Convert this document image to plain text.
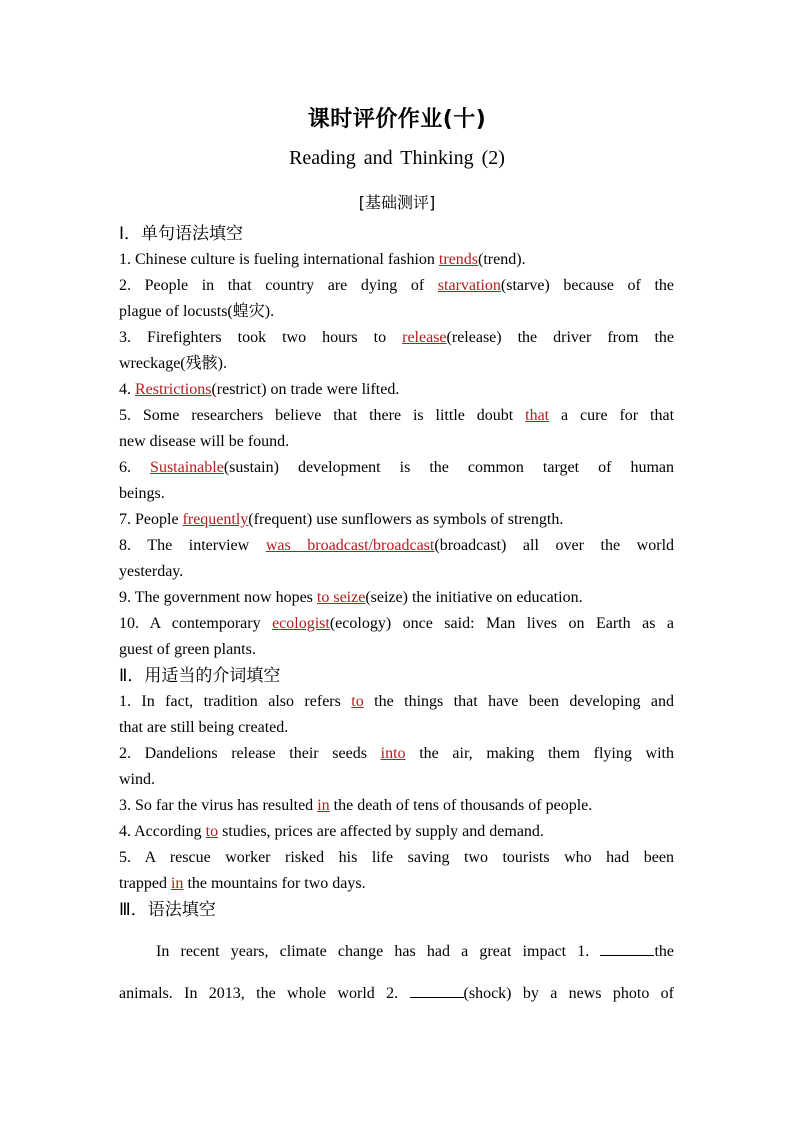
课时评价作业(十)
Reading and Thinking (2)
[基础测评]
Ⅰ．单句语法填空
1. Chinese culture is fueling international fashion trends(trend).
2. People in that country are dying of starvation(starve) because of the
plague of locusts(蝗灾).
3. Firefighters took two hours to release(release) the driver from the
wreckage(残骸).
4. Restrictions(restrict) on trade were lifted.
5. Some researchers believe that there is little doubt that a cure for that
new disease will be found.
6. Sustainable(sustain) development is the common target of human
beings.
7. People frequently(frequent) use sunflowers as symbols of strength.
8. The interview was broadcast/broadcast(broadcast) all over the world
yesterday.
9. The government now hopes to seize(seize) the initiative on education.
10. A contemporary ecologist(ecology) once said: Man lives on Earth as a
guest of green plants.
Ⅱ．用适当的介词填空
1. In fact, tradition also refers to the things that have been developing and
that are still being created.
2. Dandelions release their seeds into the air, making them flying with
wind.
3. So far the virus has resulted in the death of tens of thousands of people.
4. According to studies, prices are affected by supply and demand.
5. A rescue worker risked his life saving two tourists who had been
trapped in the mountains for two days.
Ⅲ．语法填空
In recent years, climate change has had a great impact 1.	the
animals. In 2013, the whole world 2.	(shock) by a news photo of
